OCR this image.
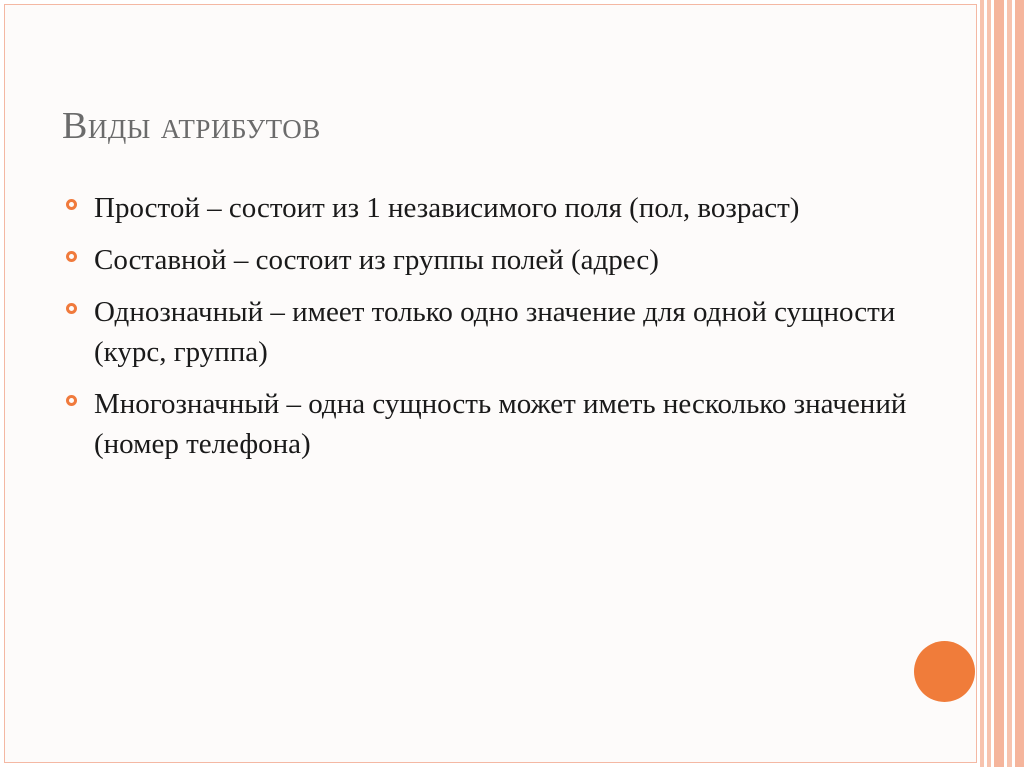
Виды атрибутов
Простой – состоит из 1 независимого поля (пол, возраст)
Составной – состоит из группы полей (адрес)
Однозначный – имеет только одно значение для одной сущности (курс, группа)
Многозначный – одна сущность может иметь несколько значений (номер телефона)
